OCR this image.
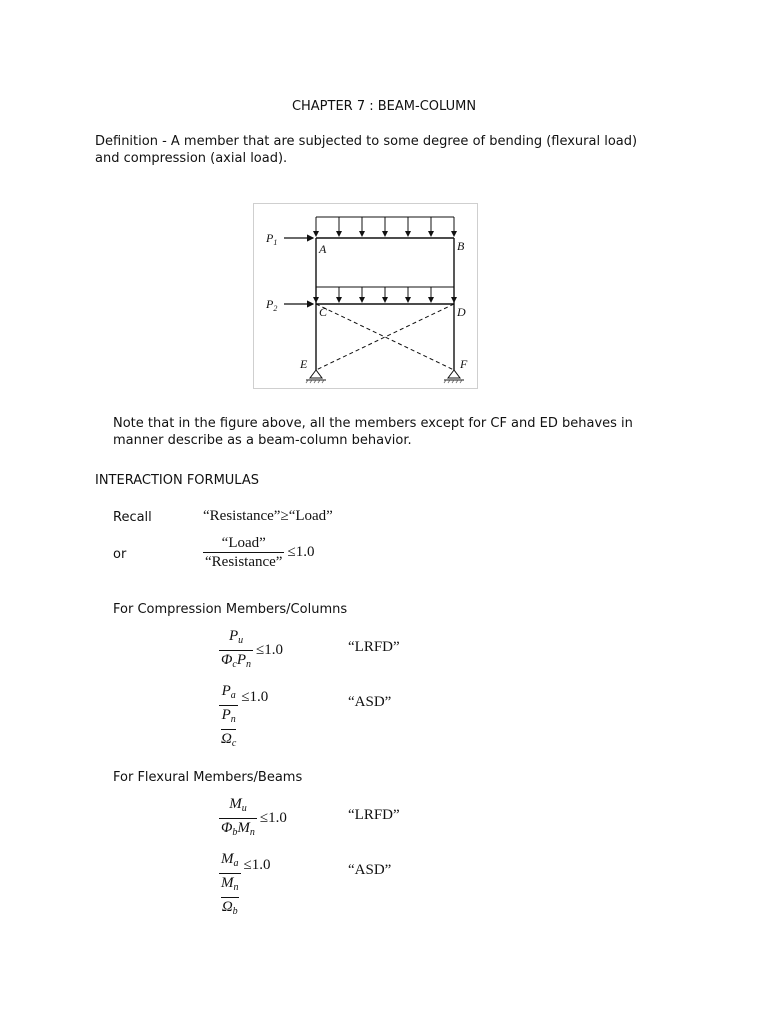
CHAPTER 7 : BEAM-COLUMN
Definition - A member that are subjected to some degree of bending (flexural load) and compression (axial load).
$P_1$
$P_2$
A	B
C	D
E	F
Note that in the figure above, all the members except for CF and ED behaves in manner describe as a beam-column behavior.
INTERACTION FORMULAS
Recall	“Resistance”≥“Load”
or	$\frac{\text{“Load”}}{\text{“Resistance”}} \le 1.0$
For Compression Members/Columns
$\frac{P_u}{\Phi_cP_n} \le 1.0$	“LRFD”
$P_a$
$P_n$
$\Omega_c \le 1.0$	“ASD”
For Flexural Members/Beams
$\frac{M_u}{\Phi_bM_n} \le 1.0$	“LRFD”
$M_a$
$M_n$
$\Omega_b \le 1.0$	“ASD”
